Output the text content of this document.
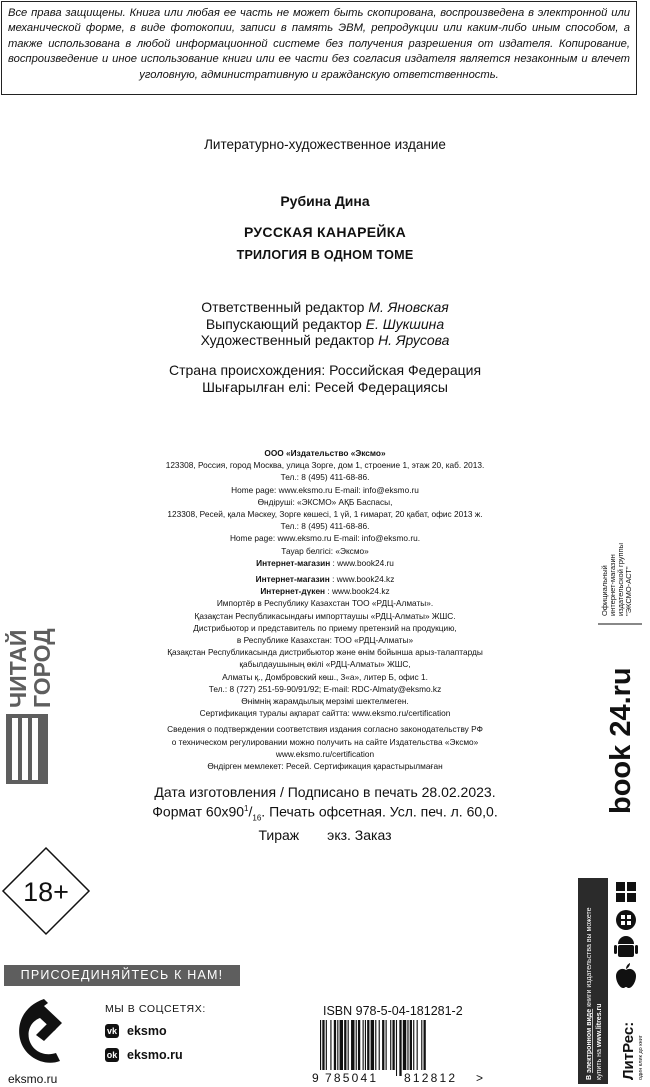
Все права защищены. Книга или любая ее часть не может быть скопирована, воспроизведена в электронной или механической форме, в виде фотокопии, записи в память ЭВМ, репродукции или каким-либо иным способом, а также использована в любой информационной системе без получения разрешения от издателя. Копирование, воспроизведение и иное использование книги или ее части без согласия издателя является незаконным и влечет уголовную, административную и гражданскую ответственность.
Литературно-художественное издание
Рубина Дина
РУССКАЯ КАНАРЕЙКА
ТРИЛОГИЯ В ОДНОМ ТОМЕ
Ответственный редактор М. Яновская
Выпускающий редактор Е. Шукшина
Художественный редактор Н. Ярусова
Страна происхождения: Российская Федерация
Шығарылған елі: Ресей Федерациясы
ООО «Издательство «Эксмо»
123308, Россия, город Москва, улица Зорге, дом 1, строение 1, этаж 20, каб. 2013.
Тел.: 8 (495) 411-68-86.
Home page: www.eksmo.ru E-mail: info@eksmo.ru
Өндіруші: «ЭКСМО» АҚБ Баспасы,
123308, Ресей, қала Мәскеу, Зорге көшесі, 1 үй, 1 ғимарат, 20 қабат, офис 2013 ж.
Тел.: 8 (495) 411-68-86.
Home page: www.eksmo.ru E-mail: info@eksmo.ru.
Тауар белгісі: «Эксмо»
Интернет-магазин : www.book24.ru
Интернет-магазин : www.book24.kz
Интернет-дүкен : www.book24.kz
Импортёр в Республику Казахстан ТОО «РДЦ-Алматы».
Қазақстан Республикасындағы импорттаушы «РДЦ-Алматы» ЖШС.
Дистрибьютор и представитель по приему претензий на продукцию,
в Республике Казахстан: ТОО «РДЦ-Алматы»
Қазақстан Республикасында дистрибьютор және өнім бойынша арыз-талаптарды
қабылдаушының өкілі «РДЦ-Алматы» ЖШС,
Алматы қ., Домбровский көш., 3«а», литер Б, офис 1.
Тел.: 8 (727) 251-59-90/91/92; E-mail: RDC-Almaty@eksmo.kz
Өнімнің жарамдылық мерзімі шектелмеген.
Сертификация туралы ақпарат сайтта: www.eksmo.ru/certification
Сведения о подтверждении соответствия издания согласно законодательству РФ
о техническом регулировании можно получить на сайте Издательства «Эксмо»
www.eksmo.ru/certification
Өндірген мемлекет: Ресей. Сертификация қарастырылмаған
Дата изготовления / Подписано в печать 28.02.2023.
Формат $60x90^1/_{16}$. Печать офсетная. Усл. печ. л. 60,0.
Тираж экз. Заказ
ЧИТАЙ
ГОРОД
Официальный интернет-магазин издательской группы "ЭКСМО-АСТ"
book 24.ru
18+
ПРИСОЕДИНЯЙТЕСЬ К НАМ!
eksmo.ru
МЫ В СОЦСЕТЯХ:
vk eksmo
ok eksmo.ru
ISBN 978-5-04-181281-2
9 785041 812812 >	В электронном виде книги издательства вы можете
купить на www.litres.ru ЛитРес: один клик до книг
